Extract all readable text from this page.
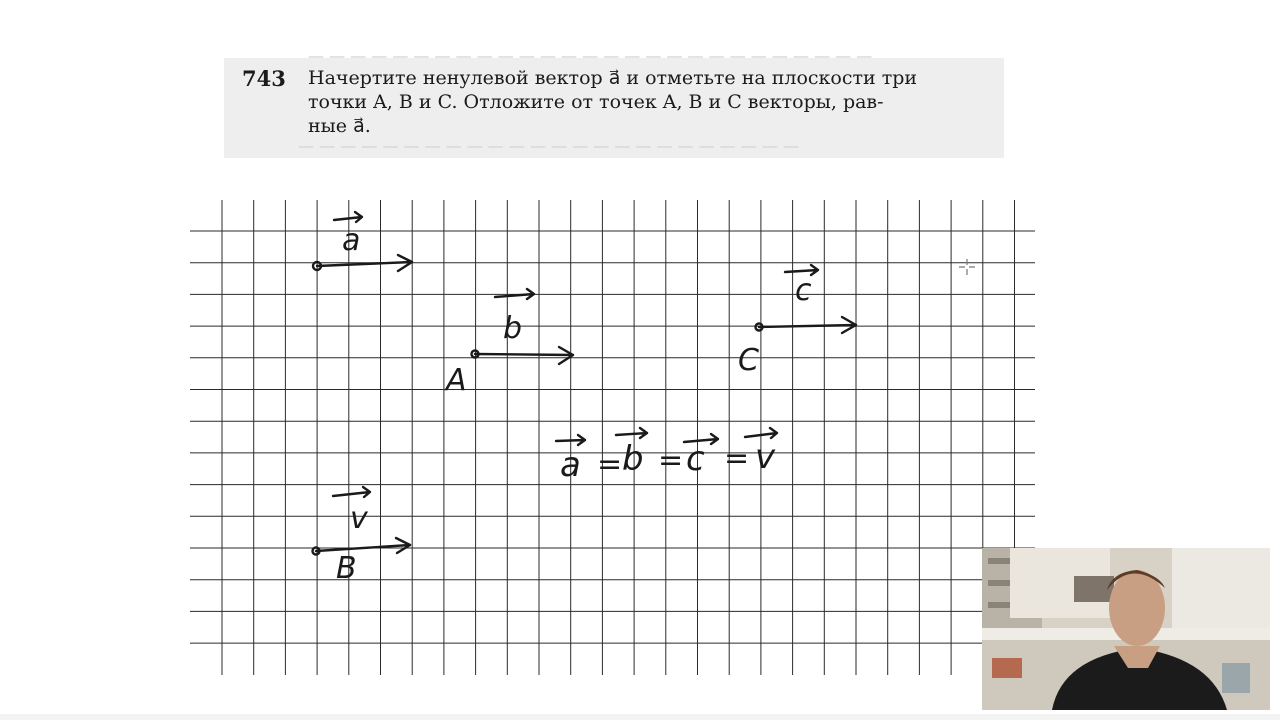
— — — — — — — — — — — — — — — — — — — — — — — — — — —
743 Начертите ненулевой вектор a⃗ и отметьте на плоскости три

точки A, B и C. Отложите от точек A, B и C векторы, рав-

ные a⃗.

— — — — — — — — — — — — — — — — — — — — — — — —
a
b
A
c
C
v
B
a = b = c = v
